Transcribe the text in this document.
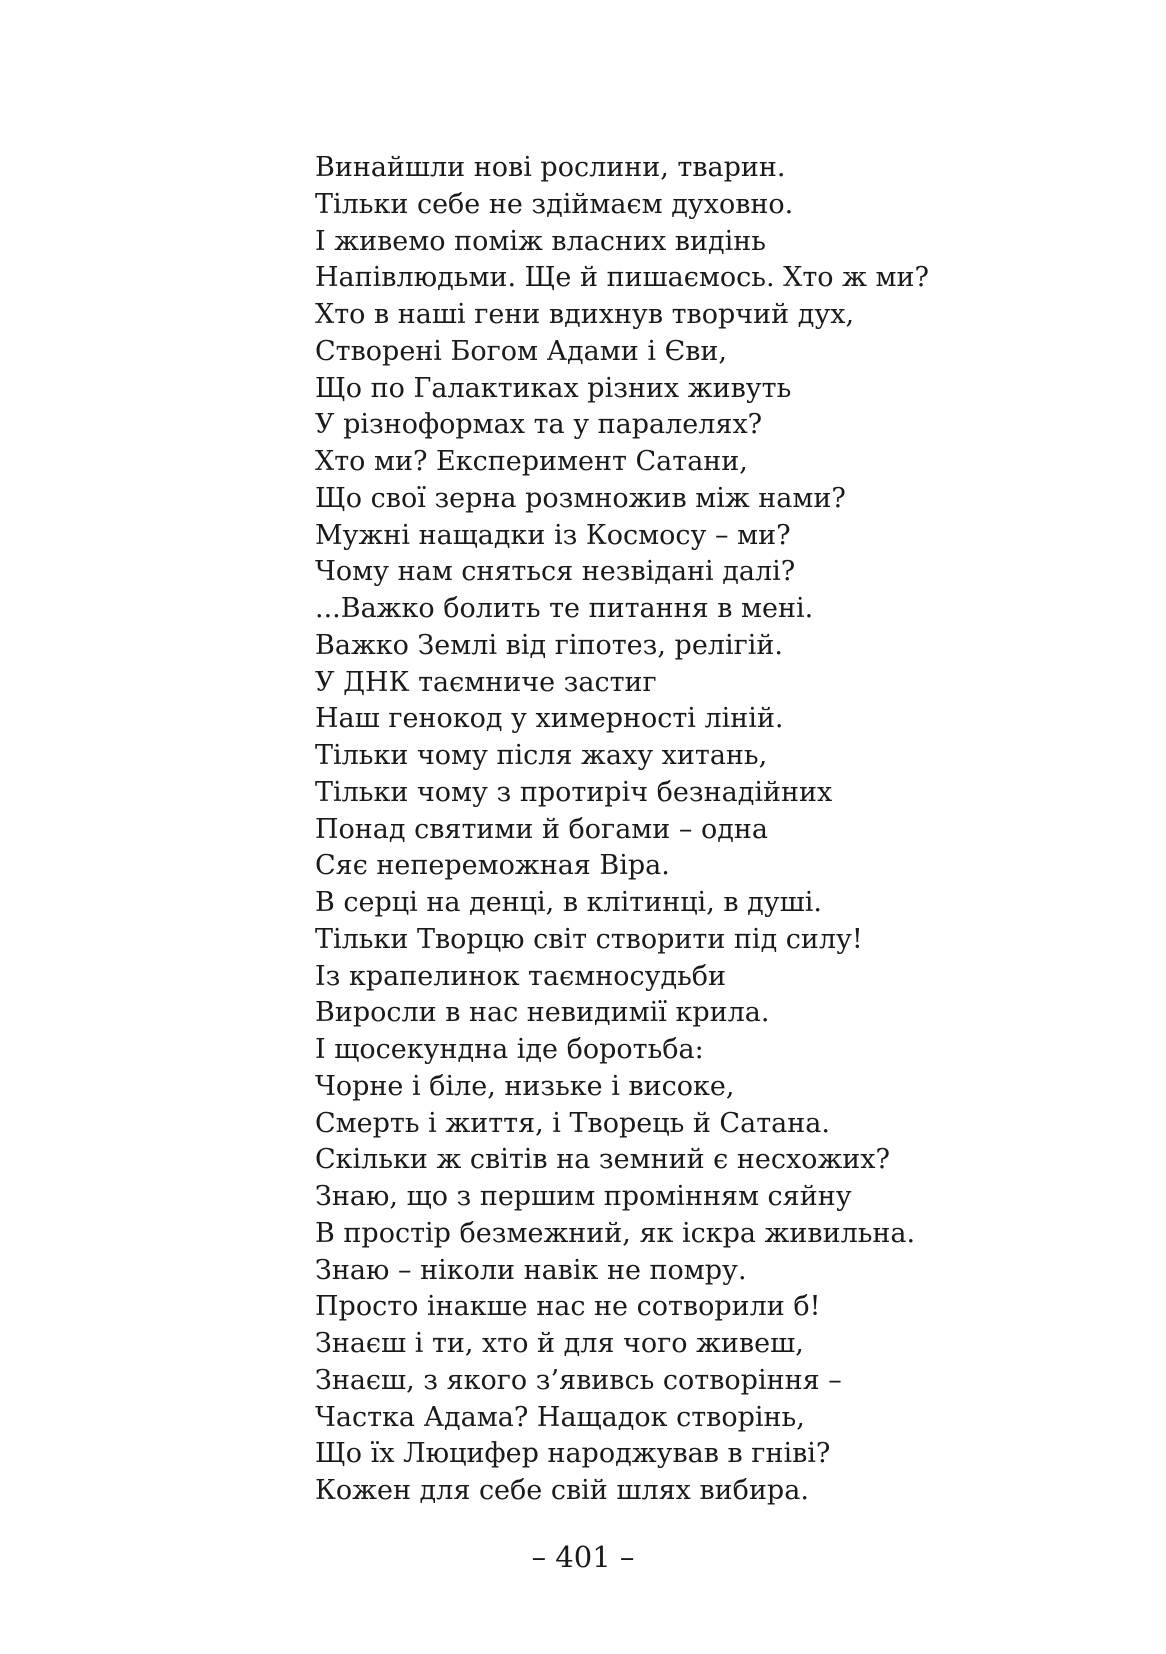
Винайшли нові рослини, тварин.
Тільки себе не здіймаєм духовно.
І живемо поміж власних видінь
Напівлюдьми. Ще й пишаємось. Хто ж ми?
Хто в наші гени вдихнув творчий дух,
Створені Богом Адами і Єви,
Що по Галактиках різних живуть
У різноформах та у паралелях?
Хто ми? Експеримент Сатани,
Що свої зерна розмножив між нами?
Мужні нащадки із Космосу – ми?
Чому нам сняться незвідані далі?
...Важко болить те питання в мені.
Важко Землі від гіпотез, релігій.
У ДНК таємниче застиг
Наш генокод у химерності ліній.
Тільки чому після жаху хитань,
Тільки чому з протиріч безнадійних
Понад святими й богами – одна
Сяє непереможная Віра.
В серці на денці, в клітинці, в душі.
Тільки Творцю світ створити під силу!
Із крапелинок таємносудьби
Виросли в нас невидимії крила.
І щосекундна іде боротьба:
Чорне і біле, низьке і високе,
Смерть і життя, і Творець й Сатана.
Скільки ж світів на земний є несхожих?
Знаю, що з першим промінням сяйну
В простір безмежний, як іскра живильна.
Знаю – ніколи навік не помру.
Просто інакше нас не сотворили б!
Знаєш і ти, хто й для чого живеш,
Знаєш, з якого з’явивсь сотворіння –
Частка Адама? Нащадок створінь,
Що їх Люцифер народжував в гніві?
Кожен для себе свій шлях вибира.
– 401 –
